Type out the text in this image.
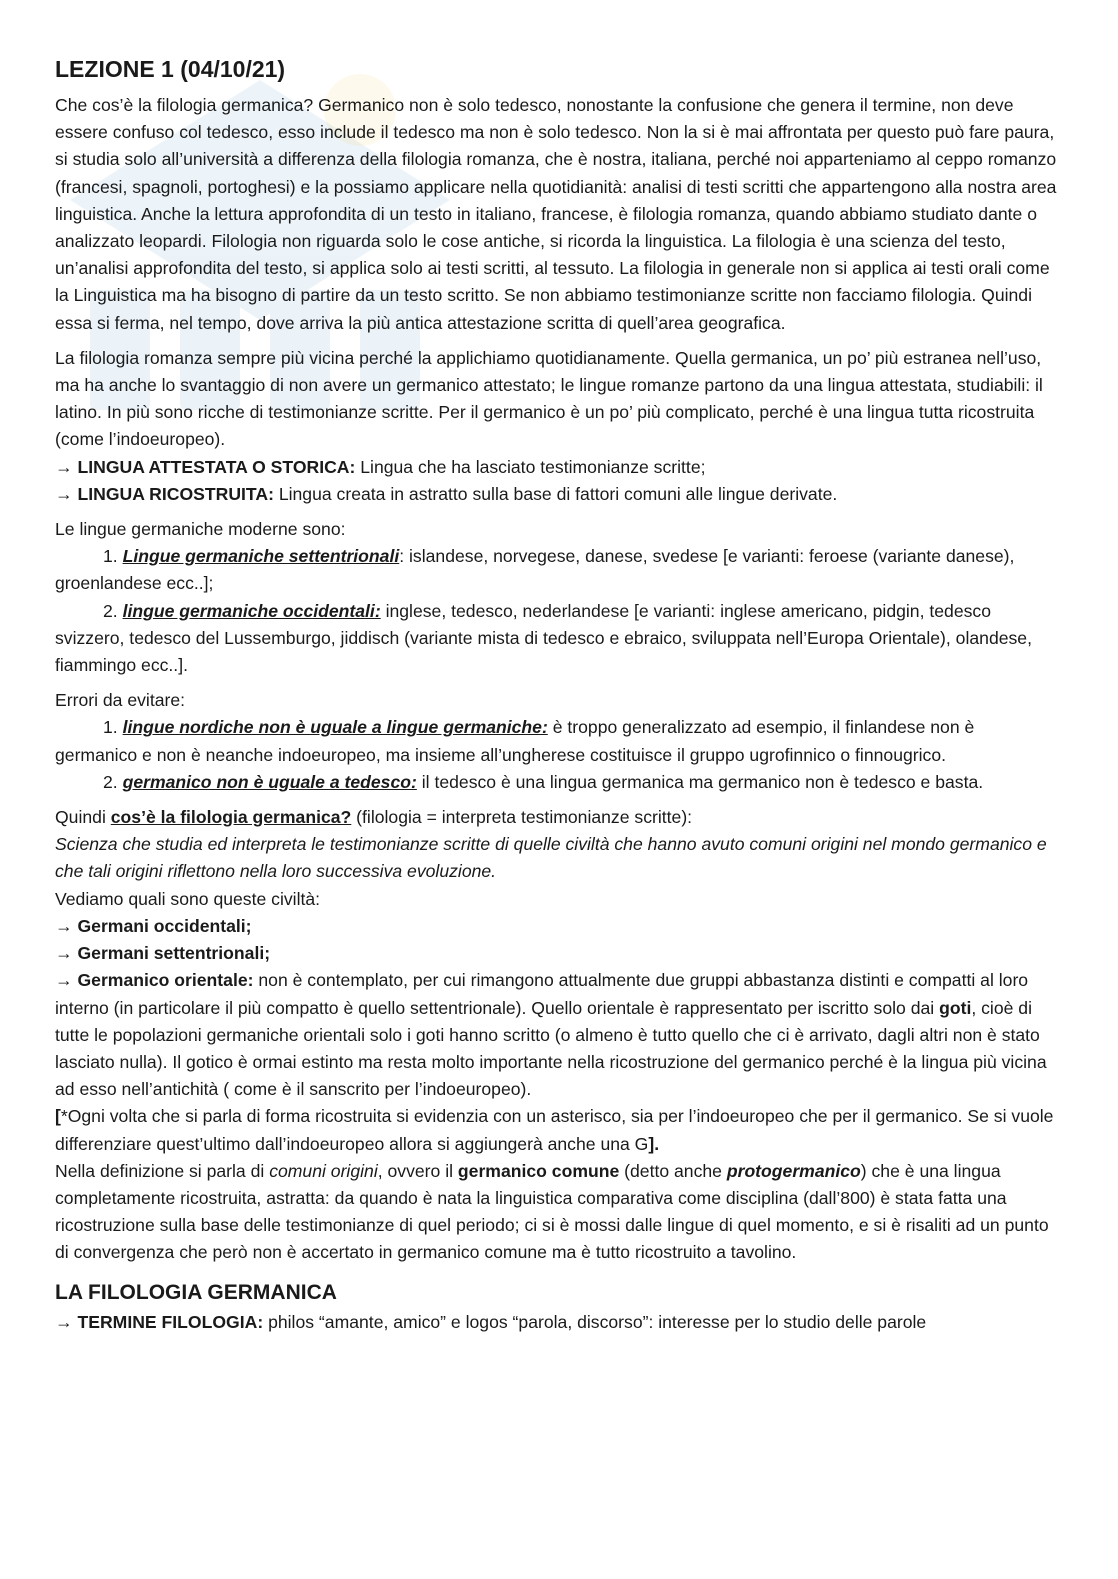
LEZIONE 1 (04/10/21)

Che cos’è la filologia germanica? Germanico non è solo tedesco, nonostante la confusione che genera il termine, non deve essere confuso col tedesco, esso include il tedesco ma non è solo tedesco. Non la si è mai affrontata per questo può fare paura, si studia solo all’università a differenza della filologia romanza, che è nostra, italiana, perché noi apparteniamo al ceppo romanzo (francesi, spagnoli, portoghesi) e la possiamo applicare nella quotidianità: analisi di testi scritti che appartengono alla nostra area linguistica. Anche la lettura approfondita di un testo in italiano, francese, è filologia romanza, quando abbiamo studiato dante o analizzato leopardi. Filologia non riguarda solo le cose antiche, si ricorda la linguistica. La filologia è una scienza del testo, un’analisi approfondita del testo, si applica solo ai testi scritti, al tessuto. La filologia in generale non si applica ai testi orali come la Linguistica ma ha bisogno di partire da un testo scritto. Se non abbiamo testimonianze scritte non facciamo filologia. Quindi essa si ferma, nel tempo, dove arriva la più antica attestazione scritta di quell’area geografica.

La filologia romanza sempre più vicina perché la applichiamo quotidianamente. Quella germanica, un po’ più estranea nell’uso, ma ha anche lo svantaggio di non avere un germanico attestato; le lingue romanze partono da una lingua attestata, studiabili: il latino. In più sono ricche di testimonianze scritte. Per il germanico è un po’ più complicato, perché è una lingua tutta ricostruita (come l’indoeuropeo).

→ LINGUA ATTESTATA O STORICA: Lingua che ha lasciato testimonianze scritte;

→ LINGUA RICOSTRUITA: Lingua creata in astratto sulla base di fattori comuni alle lingue derivate.

Le lingue germaniche moderne sono:

1. Lingue germaniche settentrionali: islandese, norvegese, danese, svedese [e varianti: feroese (variante danese), groenlandese ecc..];
2. lingue germaniche occidentali: inglese, tedesco, nederlandese [e varianti: inglese americano, pidgin, tedesco svizzero, tedesco del Lussemburgo, jiddisch (variante mista di tedesco e ebraico, sviluppata nell’Europa Orientale), olandese, fiammingo ecc..].

Errori da evitare:

1. lingue nordiche non è uguale a lingue germaniche: è troppo generalizzato ad esempio, il finlandese non è germanico e non è neanche indoeuropeo, ma insieme all’ungherese costituisce il gruppo ugrofinnico o finnougrico.
2. germanico non è uguale a tedesco: il tedesco è una lingua germanica ma germanico non è tedesco e basta.

Quindi cos’è la filologia germanica? (filologia = interpreta testimonianze scritte):

Scienza che studia ed interpreta le testimonianze scritte di quelle civiltà che hanno avuto comuni origini nel mondo germanico e che tali origini riflettono nella loro successiva evoluzione.

Vediamo quali sono queste civiltà:

→ Germani occidentali;

→ Germani settentrionali;

→ Germanico orientale: non è contemplato, per cui rimangono attualmente due gruppi abbastanza distinti e compatti al loro interno (in particolare il più compatto è quello settentrionale). Quello orientale è rappresentato per iscritto solo dai goti, cioè di tutte le popolazioni germaniche orientali solo i goti hanno scritto (o almeno è tutto quello che ci è arrivato, dagli altri non è stato lasciato nulla). Il gotico è ormai estinto ma resta molto importante nella ricostruzione del germanico perché è la lingua più vicina ad esso nell’antichità ( come è il sanscrito per l’indoeuropeo).

[*Ogni volta che si parla di forma ricostruita si evidenzia con un asterisco, sia per l’indoeuropeo che per il germanico. Se si vuole differenziare quest’ultimo dall’indoeuropeo allora si aggiungerà anche una G].

Nella definizione si parla di comuni origini, ovvero il germanico comune (detto anche protogermanico) che è una lingua completamente ricostruita, astratta: da quando è nata la linguistica comparativa come disciplina (dall’800) è stata fatta una ricostruzione sulla base delle testimonianze di quel periodo; ci si è mossi dalle lingue di quel momento, e si è risaliti ad un punto di convergenza che però non è accertato in germanico comune ma è tutto ricostruito a tavolino.

LA FILOLOGIA GERMANICA

→ TERMINE FILOLOGIA: philos “amante, amico” e logos “parola, discorso”: interesse per lo studio delle parole
